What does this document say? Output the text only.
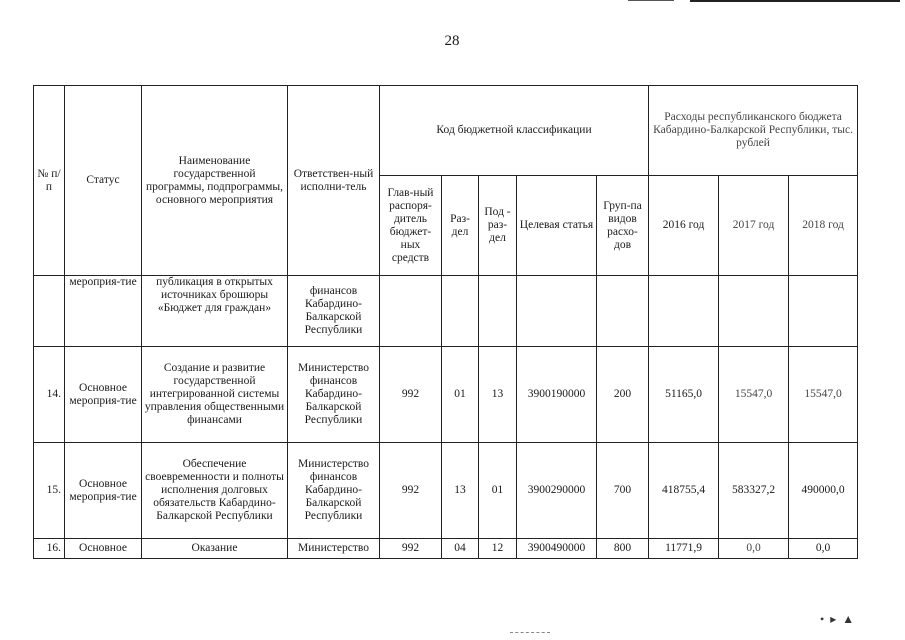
28
№ п/п	Статус	Наименование государственной программы, подпрограммы, основного мероприятия	Ответствен-ный исполни-тель	Код бюджетной классификации					Расходы республиканского бюджета Кабардино-Балкарской Республики, тыс. рублей		
				Глав-ный распоря-дитель бюджет-ных средств	Раз-дел	Под - раз-дел	Целевая статья	Груп-па видов расхо-дов	2016 год	2017 год	2018 год
	мероприя-тие	публикация в открытых источниках брошюры «Бюджет для граждан»	финансов Кабардино-Балкарской Республики								
14.	Основное мероприя-тие	Создание и развитие государственной интегрированной системы управления общественными финансами	Министерство финансов Кабардино-Балкарской Республики	992	01	13	3900190000	200	51165,0	15547,0	15547,0
15.	Основное мероприя-тие	Обеспечение своевременности и полноты исполнения долговых обязательств Кабардино-Балкарской Республики	Министерство финансов Кабардино-Балкарской Республики	992	13	01	3900290000	700	418755,4	583327,2	490000,0
16.	Основное	Оказание	Министерство	992	04	12	3900490000	800	11771,9	0,0	0,0
•  ▸  ▲
